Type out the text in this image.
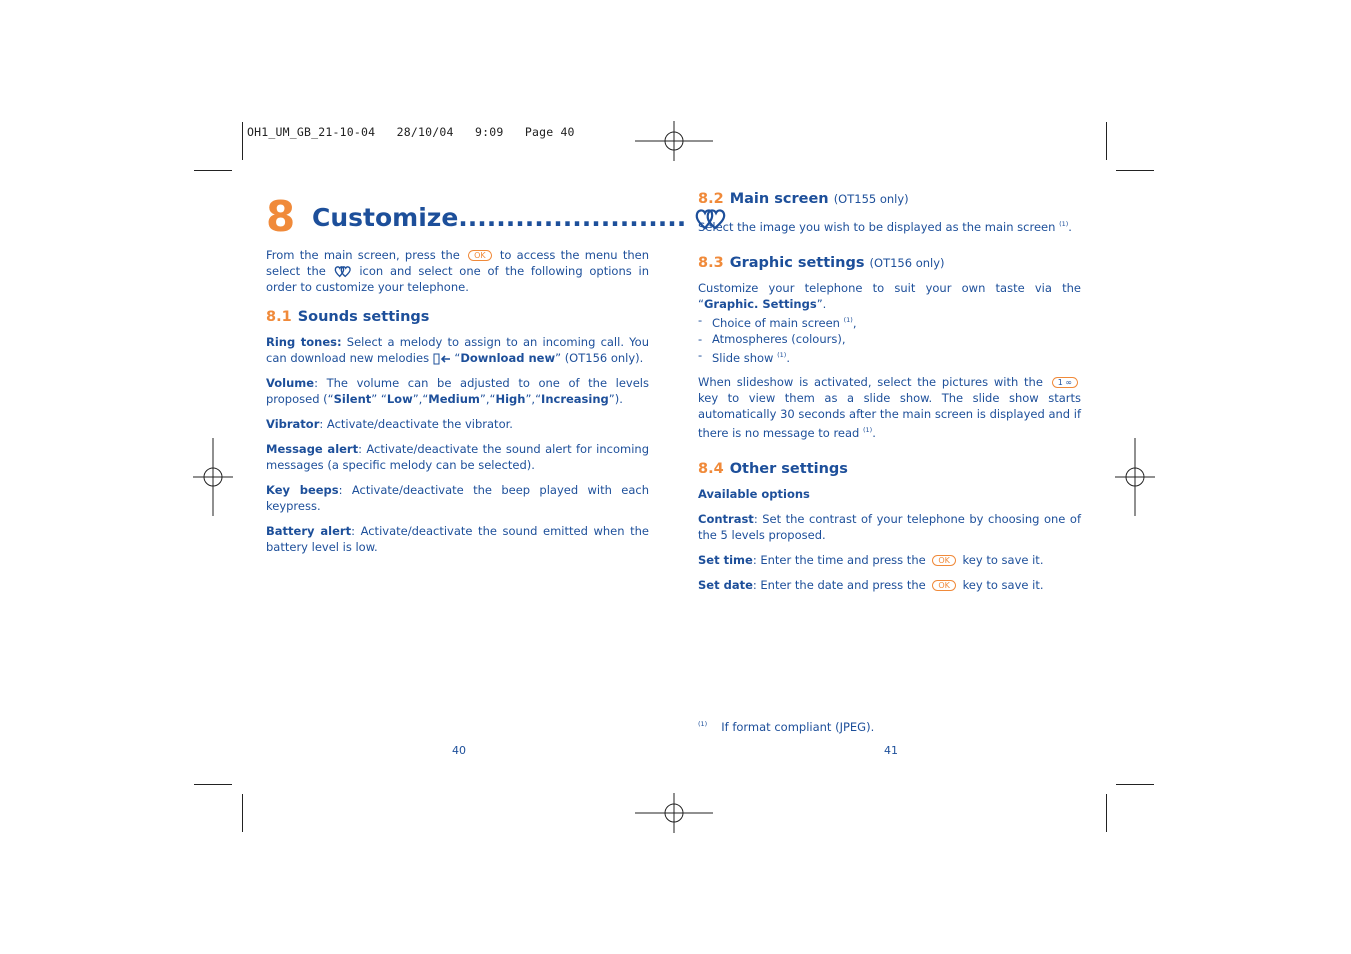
OH1_UM_GB_21-10-04   28/10/04   9:09   Page 40
8 Customize........................

From the main screen, press the OK to access the menu then select the	icon and select one of the following options in order to customize your telephone.

8.1 Sounds settings

Ring tones: Select a melody to assign to an incoming call. You can download new melodies “Download new” (OT156 only).

Volume: The volume can be adjusted to one of the levels proposed (“Silent” “Low”,“Medium”,“High”,“Increasing”).

Vibrator: Activate/deactivate the vibrator.

Message alert: Activate/deactivate the sound alert for incoming messages (a specific melody can be selected).

Key beeps: Activate/deactivate the beep played with each keypress.

Battery alert: Activate/deactivate the sound emitted when the battery level is low.

8.2 Main screen (OT155 only)

Select the image you wish to be displayed as the main screen $^{(1)}$.

8.3 Graphic settings (OT156 only)

Customize your telephone to suit your own taste via the “Graphic. Settings”.

- Choice of main screen $^{(1)}$,
- Atmospheres (colours),
- Slide show $^{(1)}$.

When slideshow is activated, select the pictures with the 1 ∞ key to view them as a slide show. The slide show starts automatically 30 seconds after the main screen is displayed and if there is no message to read $^{(1)}$.

8.4 Other settings

Available options

Contrast: Set the contrast of your telephone by choosing one of the 5 levels proposed.

Set time: Enter the time and press the OK key to save it.

Set date: Enter the date and press the OK key to save it.

$^{(1)}$ If format compliant (JPEG).
40	41
